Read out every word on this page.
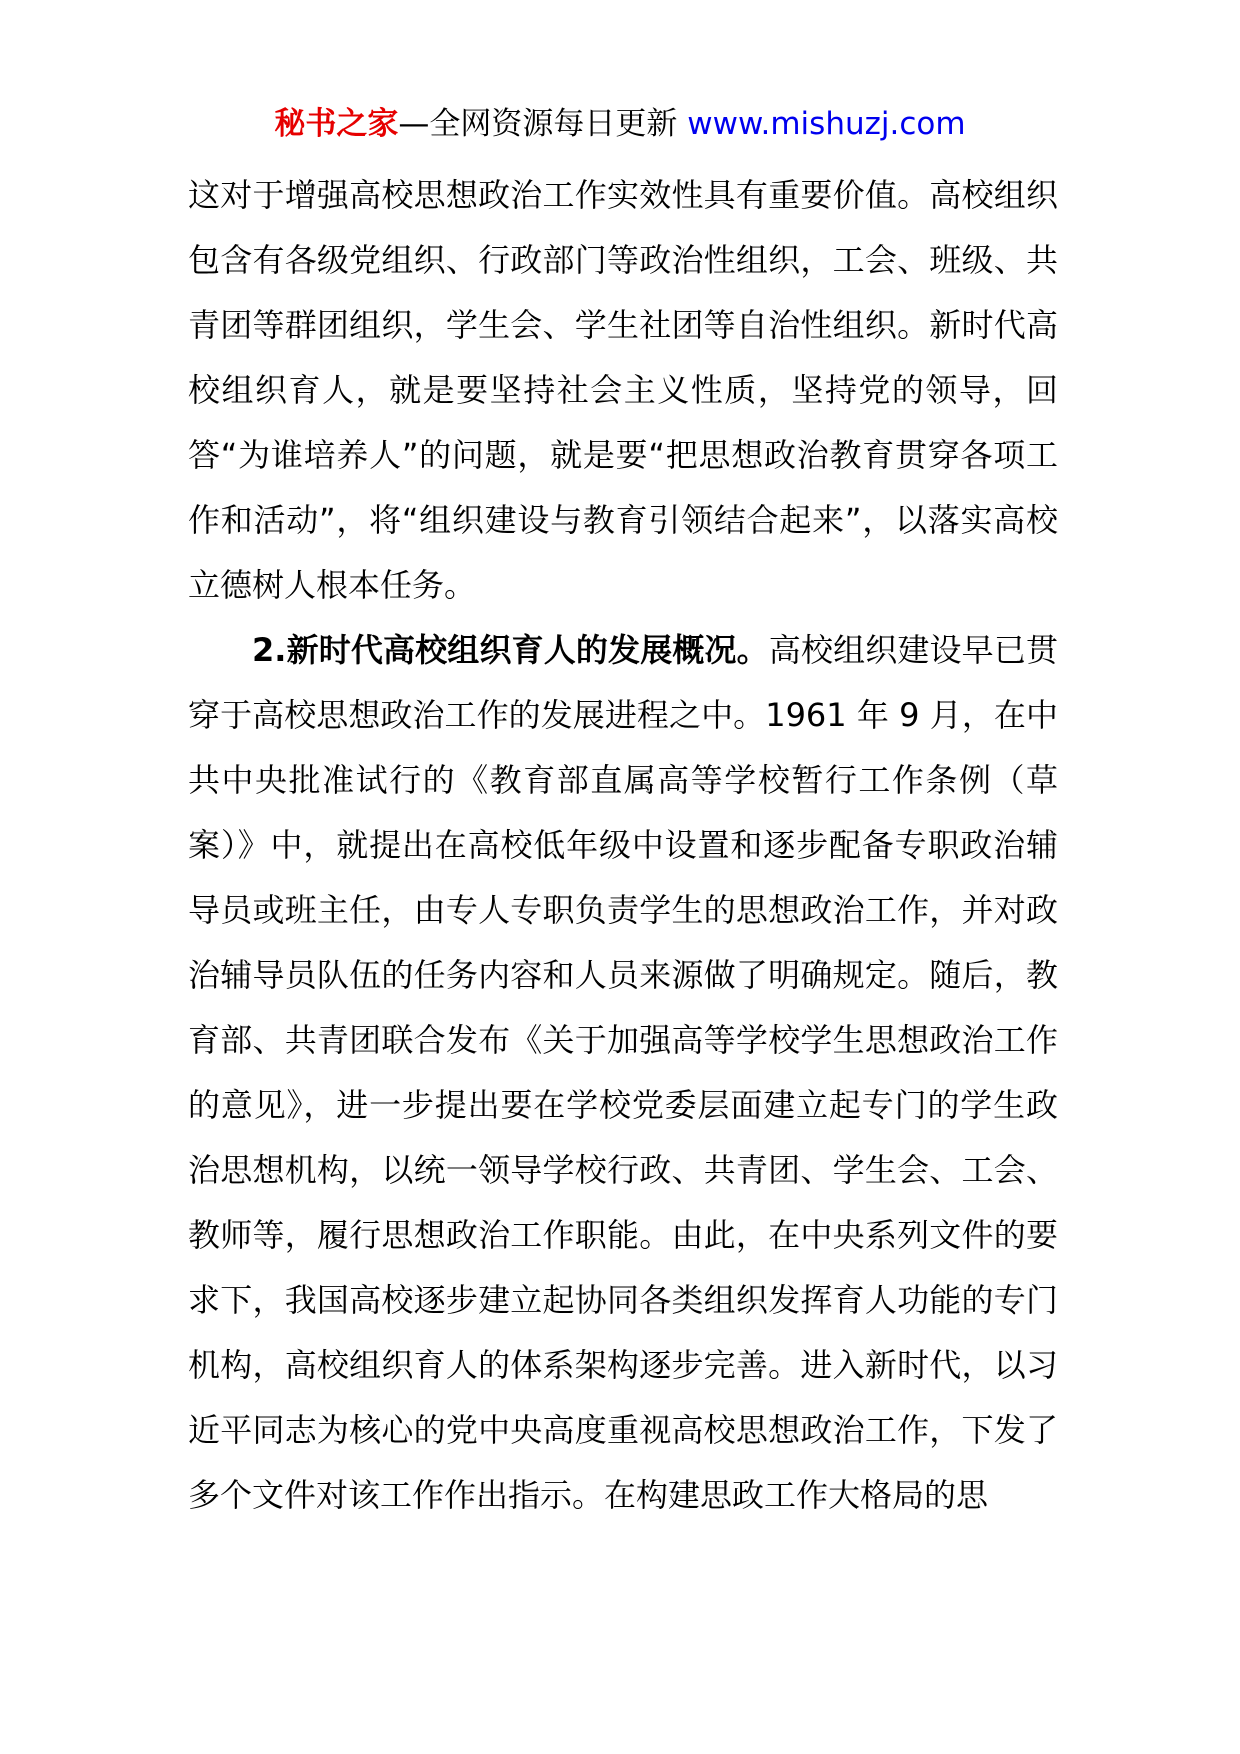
秘书之家—全网资源每日更新 www.mishuzj.com

这对于增强高校思想政治工作实效性具有重要价值。高校组织包含有各级党组织、行政部门等政治性组织，工会、班级、共青团等群团组织，学生会、学生社团等自治性组织。新时代高校组织育人，就是要坚持社会主义性质，坚持党的领导，回答“为谁培养人”的问题，就是要“把思想政治教育贯穿各项工作和活动”，将“组织建设与教育引领结合起来”，以落实高校立德树人根本任务。

2.新时代高校组织育人的发展概况。高校组织建设早已贯穿于高校思想政治工作的发展进程之中。1961 年 9 月，在中共中央批准试行的《教育部直属高等学校暂行工作条例（草案）》中，就提出在高校低年级中设置和逐步配备专职政治辅导员或班主任，由专人专职负责学生的思想政治工作，并对政治辅导员队伍的任务内容和人员来源做了明确规定。随后，教育部、共青团联合发布《关于加强高等学校学生思想政治工作的意见》，进一步提出要在学校党委层面建立起专门的学生政治思想机构，以统一领导学校行政、共青团、学生会、工会、教师等，履行思想政治工作职能。由此，在中央系列文件的要求下，我国高校逐步建立起协同各类组织发挥育人功能的专门机构，高校组织育人的体系架构逐步完善。进入新时代，以习近平同志为核心的党中央高度重视高校思想政治工作，下发了多个文件对该工作作出指示。在构建思政工作大格局的思
